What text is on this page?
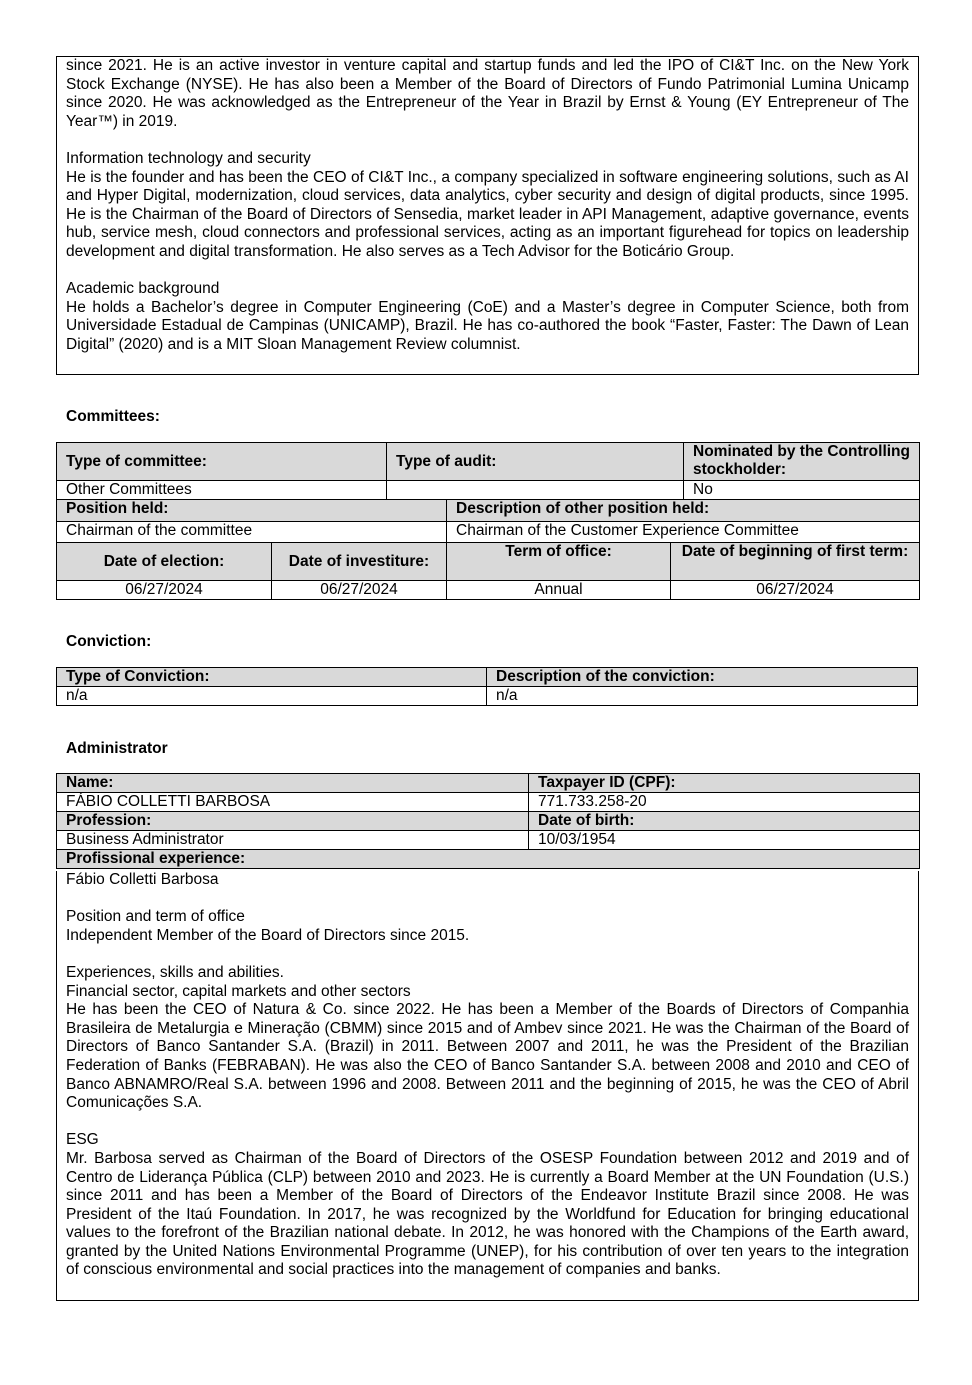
since 2021. He is an active investor in venture capital and startup funds and led the IPO of CI&T Inc. on the New York Stock Exchange (NYSE). He has also been a Member of the Board of Directors of Fundo Patrimonial Lumina Unicamp since 2020. He was acknowledged as the Entrepreneur of the Year in Brazil by Ernst & Young (EY Entrepreneur of The Year™) in 2019.

Information technology and security
He is the founder and has been the CEO of CI&T Inc., a company specialized in software engineering solutions, such as AI and Hyper Digital, modernization, cloud services, data analytics, cyber security and design of digital products, since 1995. He is the Chairman of the Board of Directors of Sensedia, market leader in API Management, adaptive governance, events hub, service mesh, cloud connectors and professional services, acting as an important figurehead for topics on leadership development and digital transformation. He also serves as a Tech Advisor for the Boticário Group.

Academic background
He holds a Bachelor’s degree in Computer Engineering (CoE) and a Master’s degree in Computer Science, both from Universidade Estadual de Campinas (UNICAMP), Brazil. He has co-authored the book “Faster, Faster: The Dawn of Lean Digital” (2020) and is a MIT Sloan Management Review columnist.

Committees:
Type of committee:	Type of audit:	Nominated by the Controlling stockholder:
Other Committees		No
Position held:	Description of other position held:
Chairman of the committee	Chairman of the Customer Experience Committee
Date of election:	Date of investiture:	Term of office:	Date of beginning of first term:
06/27/2024	06/27/2024	Annual	06/27/2024
Conviction:
Type of Conviction:	Description of the conviction:
n/a	n/a
Administrator
Name:	Taxpayer ID (CPF):
FÁBIO COLLETTI BARBOSA	771.733.258-20
Profession:	Date of birth:
Business Administrator	10/03/1954
Profissional experience:	

Fábio Colletti Barbosa

Position and term of office
Independent Member of the Board of Directors since 2015.

Experiences, skills and abilities.
Financial sector, capital markets and other sectors
He has been the CEO of Natura & Co. since 2022. He has been a Member of the Boards of Directors of Companhia Brasileira de Metalurgia e Mineração (CBMM) since 2015 and of Ambev since 2021. He was the Chairman of the Board of Directors of Banco Santander S.A. (Brazil) in 2011. Between 2007 and 2011, he was the President of the Brazilian Federation of Banks (FEBRABAN). He was also the CEO of Banco Santander S.A. between 2008 and 2010 and CEO of Banco ABNAMRO/Real S.A. between 1996 and 2008. Between 2011 and the beginning of 2015, he was the CEO of Abril Comunicações S.A.

ESG
Mr. Barbosa served as Chairman of the Board of Directors of the OSESP Foundation between 2012 and 2019 and of Centro de Liderança Pública (CLP) between 2010 and 2023. He is currently a Board Member at the UN Foundation (U.S.) since 2011 and has been a Member of the Board of Directors of the Endeavor Institute Brazil since 2008. He was President of the Itaú Foundation. In 2017, he was recognized by the Worldfund for Education for bringing educational values to the forefront of the Brazilian national debate. In 2012, he was honored with the Champions of the Earth award, granted by the United Nations Environmental Programme (UNEP), for his contribution of over ten years to the integration of conscious environmental and social practices into the management of companies and banks.
